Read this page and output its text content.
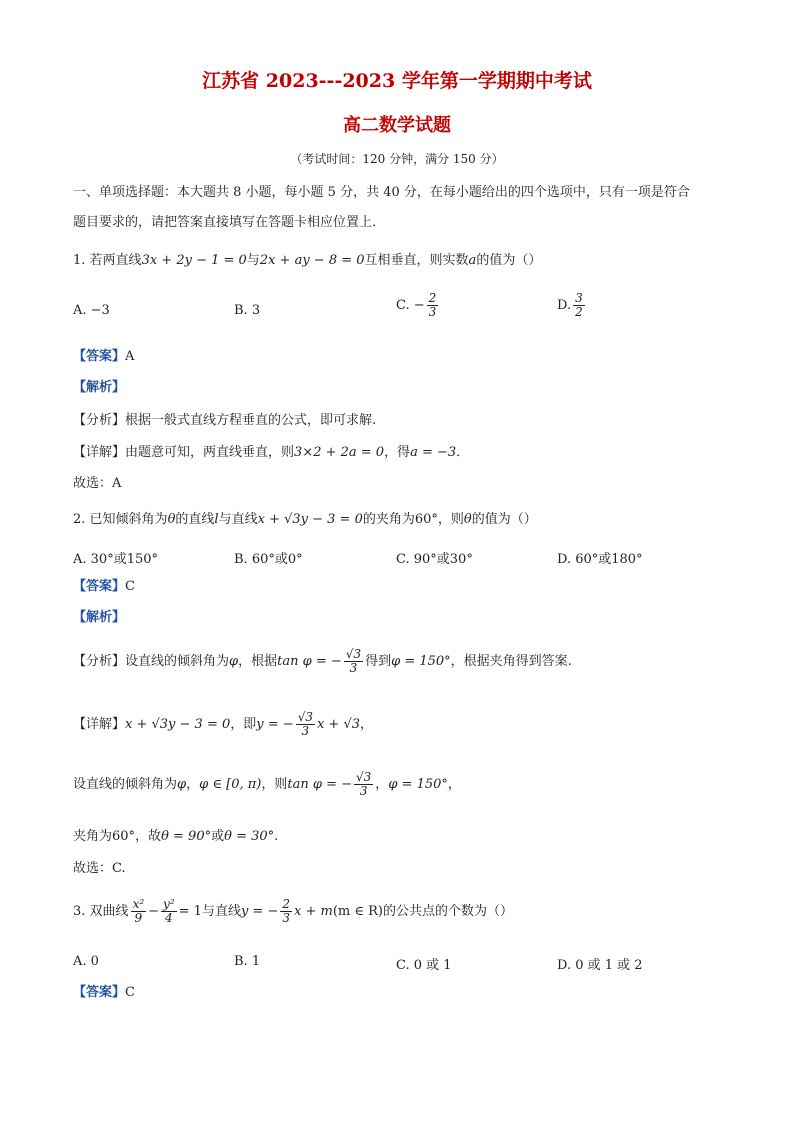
江苏省 2023---2023 学年第一学期期中考试
高二数学试题
（考试时间：120 分钟，满分 150 分）
一、单项选择题：本大题共 8 小题，每小题 5 分，共 40 分，在每小题给出的四个选项中，只有一项是符合
题目要求的，请把答案直接填写在答题卡相应位置上．
1. 若两直线3x + 2y − 1 = 0与2x + ay − 8 = 0互相垂直，则实数a的值为（）
A. −3	B. 3	C. − $\frac{2}{3}$	D. $\frac{3}{2}$
【答案】A
【解析】
【分析】根据一般式直线方程垂直的公式，即可求解.
【详解】由题意可知，两直线垂直，则3×2 + 2a = 0，得a = −3．
故选：A
2. 已知倾斜角为θ的直线l与直线x + √3y − 3 = 0的夹角为60°，则θ的值为（）
A. 30°或150°	B. 60°或0°	C. 90°或30°	D. 60°或180°
【答案】C
【解析】
【分析】设直线的倾斜角为φ，根据tan φ = − $\frac{√3}{3}$ 得到φ = 150°，根据夹角得到答案.
【详解】x + √3y − 3 = 0，即y = − $\frac{√3}{3}$ x + √3，
设直线的倾斜角为φ，φ ∈ [0, π)，则tan φ = − $\frac{√3}{3}$ ，φ = 150°，
夹角为60°，故θ = 90°或θ = 30°.
故选：C.
3. 双曲线 $\frac{\text{x²}}{9} - \frac{\text{y²}}{4} = 1$与直线y = − $\frac{2}{3}$ x + m(m ∈ R)的公共点的个数为（）
A. 0	B. 1	C. 0 或 1	D. 0 或 1 或 2
【答案】C
